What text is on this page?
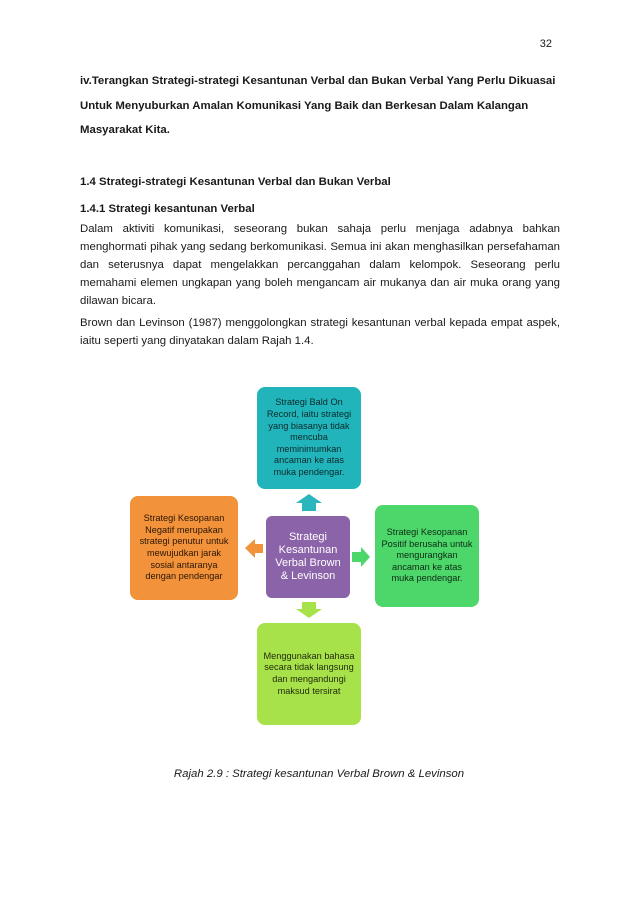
32

iv.Terangkan Strategi-strategi Kesantunan Verbal dan Bukan Verbal Yang Perlu Dikuasai Untuk Menyuburkan Amalan Komunikasi Yang Baik dan Berkesan Dalam Kalangan Masyarakat Kita.

1.4 Strategi-strategi Kesantunan Verbal dan Bukan Verbal

1.4.1 Strategi kesantunan Verbal

Dalam aktiviti komunikasi, seseorang bukan sahaja perlu menjaga adabnya bahkan menghormati pihak yang sedang berkomunikasi. Semua ini akan menghasilkan persefahaman dan seterusnya dapat mengelakkan percanggahan dalam kelompok. Seseorang perlu memahami elemen ungkapan yang boleh mengancam air mukanya dan air muka orang yang dilawan bicara.

Brown dan Levinson (1987) menggolongkan strategi kesantunan verbal kepada empat aspek, iaitu seperti yang dinyatakan dalam Rajah 1.4.

Strategi Bald On Record, iaitu strategi yang biasanya tidak mencuba meminimumkan ancaman ke atas muka pendengar.
Strategi Kesopanan Positif berusaha untuk mengurangkan ancaman ke atas muka pendengar.
Menggunakan bahasa secara tidak langsung dan mengandungi maksud tersirat
Strategi Kesopanan Negatif merupakan strategi penutur untuk mewujudkan jarak sosial antaranya dengan pendengar
Strategi Kesantunan Verbal Brown & Levinson
Rajah 2.9 : Strategi kesantunan Verbal Brown & Levinson
